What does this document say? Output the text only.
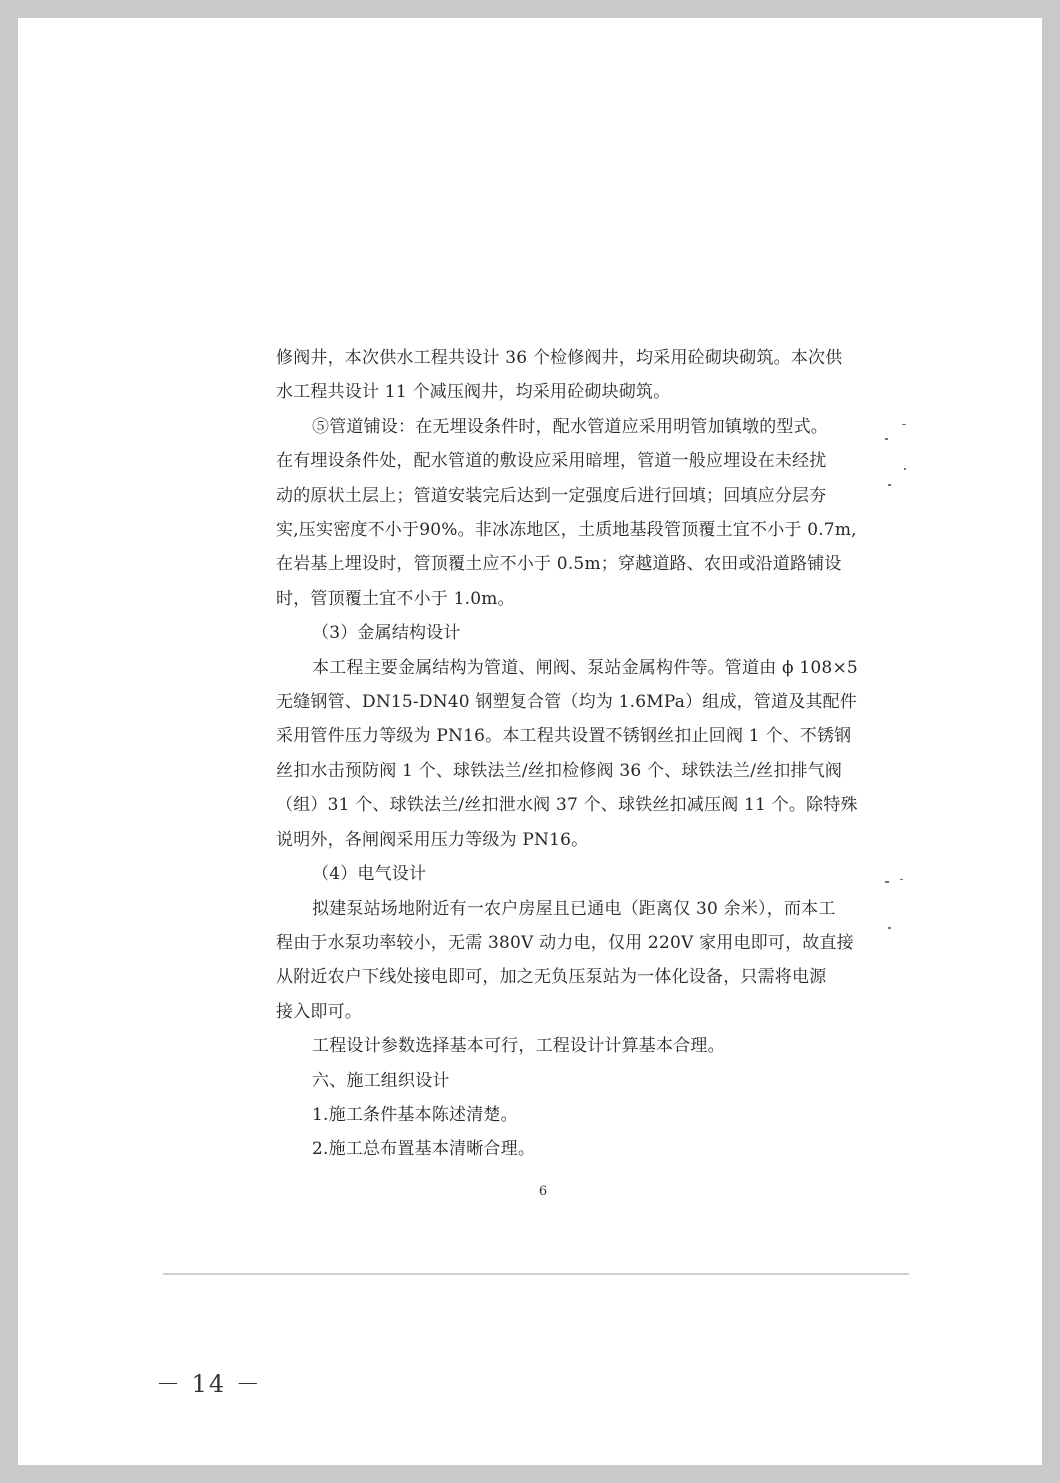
修阀井，本次供水工程共设计 36 个检修阀井，均采用砼砌块砌筑。本次供
水工程共设计 11 个减压阀井，均采用砼砌块砌筑。
⑤管道铺设：在无埋设条件时，配水管道应采用明管加镇墩的型式。
在有埋设条件处，配水管道的敷设应采用暗埋，管道一般应埋设在未经扰
动的原状土层上；管道安装完后达到一定强度后进行回填；回填应分层夯
实,压实密度不小于90%。非冰冻地区，土质地基段管顶覆土宜不小于 0.7m,
在岩基上埋设时，管顶覆土应不小于 0.5m；穿越道路、农田或沿道路铺设
时，管顶覆土宜不小于 1.0m。
（3）金属结构设计
本工程主要金属结构为管道、闸阀、泵站金属构件等。管道由 ϕ 108×5
无缝钢管、DN15-DN40 钢塑复合管（均为 1.6MPa）组成，管道及其配件
采用管件压力等级为 PN16。本工程共设置不锈钢丝扣止回阀 1 个、不锈钢
丝扣水击预防阀 1 个、球铁法兰/丝扣检修阀 36 个、球铁法兰/丝扣排气阀
（组）31 个、球铁法兰/丝扣泄水阀 37 个、球铁丝扣减压阀 11 个。除特殊
说明外，各闸阀采用压力等级为 PN16。
（4）电气设计
拟建泵站场地附近有一农户房屋且已通电（距离仅 30 余米），而本工
程由于水泵功率较小，无需 380V 动力电，仅用 220V 家用电即可，故直接
从附近农户下线处接电即可，加之无负压泵站为一体化设备，只需将电源
接入即可。
工程设计参数选择基本可行，工程设计计算基本合理。
六、施工组织设计
1.施工条件基本陈述清楚。
2.施工总布置基本清晰合理。
6
－ 14 －
